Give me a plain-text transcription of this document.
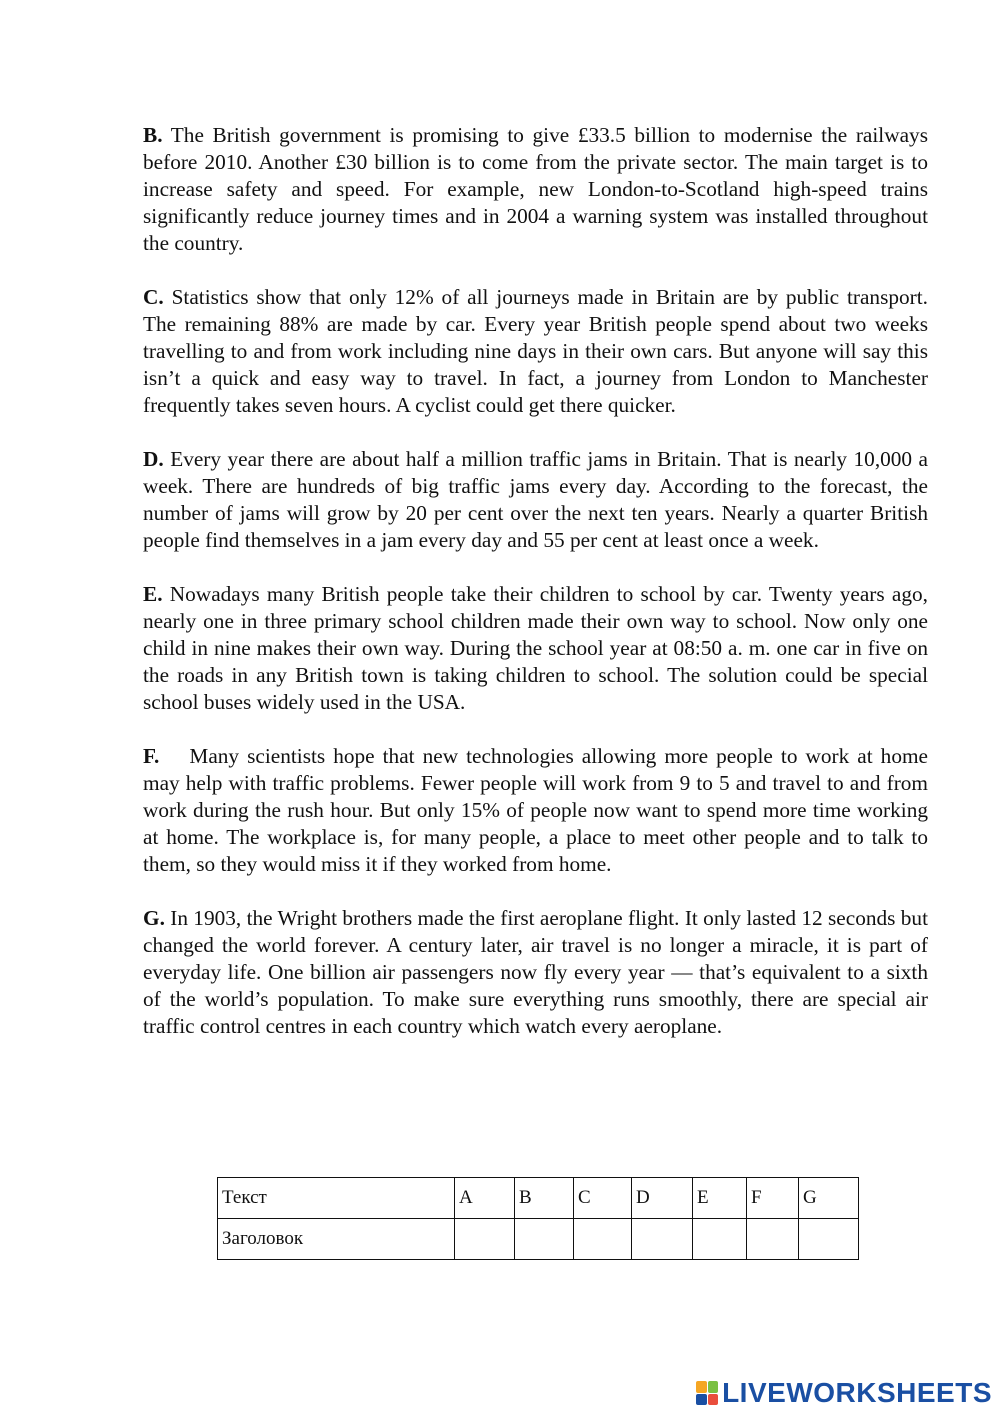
B. The British government is promising to give £33.5 billion to modernise the railways before 2010. Another £30 billion is to come from the private sector. The main target is to increase safety and speed. For example, new London-to-Scotland high-speed trains significantly reduce journey times and in 2004 a warning system was installed throughout the country.

C. Statistics show that only 12% of all journeys made in Britain are by public transport. The remaining 88% are made by car. Every year British people spend about two weeks travelling to and from work including nine days in their own cars. But anyone will say this isn’t a quick and easy way to travel. In fact, a journey from London to Manchester frequently takes seven hours. A cyclist could get there quicker.

D. Every year there are about half a million traffic jams in Britain. That is nearly 10,000 a week. There are hundreds of big traffic jams every day. According to the forecast, the number of jams will grow by 20 per cent over the next ten years. Nearly a quarter British people find themselves in a jam every day and 55 per cent at least once a week.

E. Nowadays many British people take their children to school by car. Twenty years ago, nearly one in three primary school children made their own way to school. Now only one child in nine makes their own way. During the school year at 08:50 a. m. one car in five on the roads in any British town is taking children to school. The solution could be special school buses widely used in the USA.

F. Many scientists hope that new technologies allowing more people to work at home may help with traffic problems. Fewer people will work from 9 to 5 and travel to and from work during the rush hour. But only 15% of people now want to spend more time working at home. The workplace is, for many people, a place to meet other people and to talk to them, so they would miss it if they worked from home.

G. In 1903, the Wright brothers made the first aeroplane flight. It only lasted 12 seconds but changed the world forever. A century later, air travel is no longer a miracle, it is part of everyday life. One billion air passengers now fly every year — that’s equivalent to a sixth of the world’s population. To make sure everything runs smoothly, there are special air traffic control centres in each country which watch every aeroplane.

Текст	A	B	C	D	E	F	G
Заголовок							
LIVEWORKSHEETS
